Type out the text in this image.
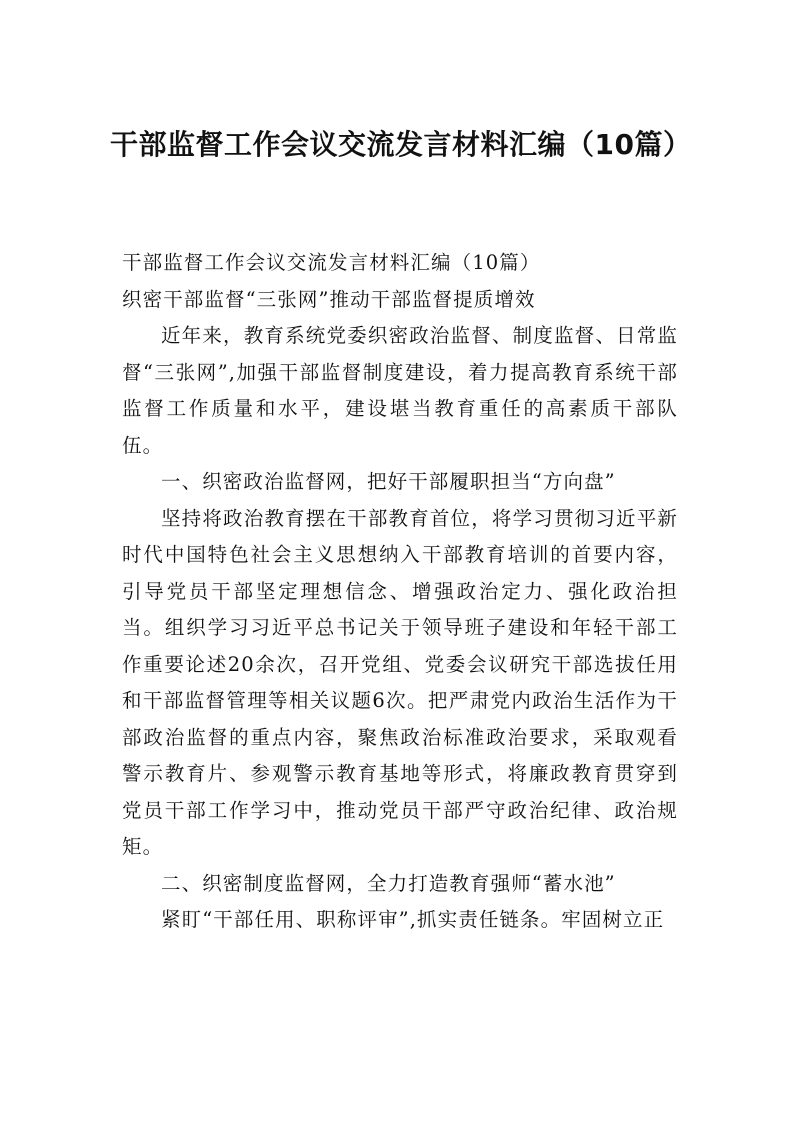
干部监督工作会议交流发言材料汇编（10篇）

干部监督工作会议交流发言材料汇编（10篇）

织密干部监督“三张网”推动干部监督提质增效

近年来，教育系统党委织密政治监督、制度监督、日常监督“三张网”,加强干部监督制度建设，着力提高教育系统干部监督工作质量和水平，建设堪当教育重任的高素质干部队伍。

一、织密政治监督网，把好干部履职担当“方向盘”

坚持将政治教育摆在干部教育首位，将学习贯彻习近平新时代中国特色社会主义思想纳入干部教育培训的首要内容，引导党员干部坚定理想信念、增强政治定力、强化政治担当。组织学习习近平总书记关于领导班子建设和年轻干部工作重要论述20余次，召开党组、党委会议研究干部选拔任用和干部监督管理等相关议题6次。把严肃党内政治生活作为干部政治监督的重点内容，聚焦政治标准政治要求，采取观看警示教育片、参观警示教育基地等形式，将廉政教育贯穿到党员干部工作学习中，推动党员干部严守政治纪律、政治规矩。

二、织密制度监督网，全力打造教育强师“蓄水池”

紧盯“干部任用、职称评审”,抓实责任链条。牢固树立正
